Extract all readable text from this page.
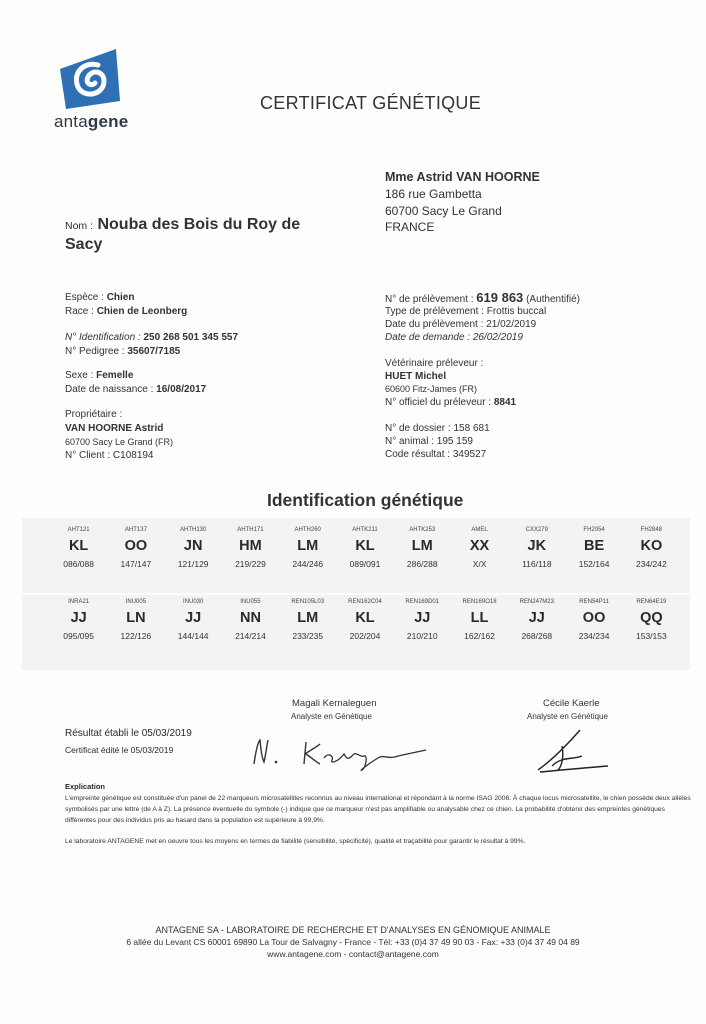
antagene
CERTIFICAT GÉNÉTIQUE
Mme Astrid VAN HOORNE
186 rue Gambetta
60700 Sacy Le Grand
FRANCE
Nom : Nouba des Bois du Roy de
Sacy
Espèce : Chien
Race : Chien de Leonberg
N° Identification : 250 268 501 345 557
N° Pedigree : 35607/7185
Sexe : Femelle
Date de naissance : 16/08/2017
Propriétaire :
VAN HOORNE Astrid
60700 Sacy Le Grand (FR)
N° Client : C108194
N° de prélèvement : 619 863 (Authentifié)
Type de prélèvement : Frottis buccal
Date du prélèvement : 21/02/2019
Date de demande : 26/02/2019
Vétérinaire préleveur :
HUET Michel
60600 Fitz-James (FR)
N° officiel du préleveur : 8841
N° de dossier : 158 681
N° animal : 195 159
Code résultat : 349527
Identification génétique
AHT121
KL
086/088
AHT137
OO
147/147
AHTH130
JN
121/129
AHTH171
HM
219/229
AHTH260
LM
244/246
AHTK211
KL
089/091
AHTK253
LM
286/288
AMEL
XX
X/X
CXX279
JK
116/118
FH2054
BE
152/164
FH2848
KO
234/242
INRA21
JJ
095/095
INU005
LN
122/126
INU030
JJ
144/144
INU055
NN
214/214
REN105L03
LM
233/235
REN162C04
KL
202/204
REN169D01
JJ
210/210
REN169O18
LL
162/162
REN247M23
JJ
268/268
REN54P11
OO
234/234
REN64E19
QQ
153/153
Magali Kernaleguen
Analyste en Génétique
Cécile Kaerle
Analyste en Génétique
Résultat établi le 05/03/2019
Certificat édité le 05/03/2019
Explication
L'empreinte génétique est constituée d'un panel de 22 marqueurs microsatellites reconnus au niveau international et répondant à la norme ISAG 2006. À chaque locus microsatellite, le chien possède deux allèles symbolisés par une lettre (de A à Z). La présence éventuelle du symbole (-) indique que ce marqueur n'est pas amplifiable ou analysable chez ce chien. La probabilité d'obtenir des empreintes génétiques différentes pour des individus pris au hasard dans la population est supérieure à 99,9%.
Le laboratoire ANTAGENE met en oeuvre tous les moyens en termes de fiabilité (sensibilité, spécificité), qualité et traçabilité pour garantir le résultat à 99%.
ANTAGENE SA - LABORATOIRE DE RECHERCHE ET D'ANALYSES EN GÉNOMIQUE ANIMALE
6 allée du Levant CS 60001 69890 La Tour de Salvagny - France - Tél: +33 (0)4 37 49 90 03 - Fax: +33 (0)4 37 49 04 89
www.antagene.com - contact@antagene.com
